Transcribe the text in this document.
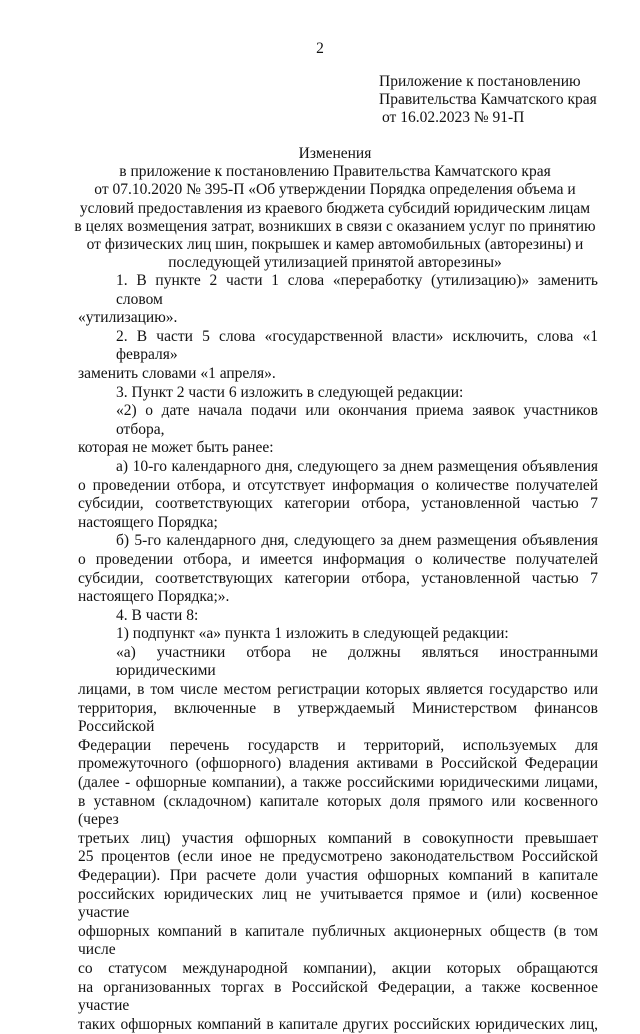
2
Приложение к постановлению
Правительства Камчатского края
от 16.02.2023 № 91-П
Изменения
в приложение к постановлению Правительства Камчатского края
от 07.10.2020 № 395-П «Об утверждении Порядка определения объема и
условий предоставления из краевого бюджета субсидий юридическим лицам
в целях возмещения затрат, возникших в связи с оказанием услуг по принятию
от физических лиц шин, покрышек и камер автомобильных (авторезины) и
последующей утилизацией принятой авторезины»
1. В пункте 2 части 1 слова «переработку (утилизацию)» заменить словом
«утилизацию».
2. В части 5 слова «государственной власти» исключить, слова «1 февраля»
заменить словами «1 апреля».
3. Пункт 2 части 6 изложить в следующей редакции:
«2) о дате начала подачи или окончания приема заявок участников отбора,
которая не может быть ранее:
а) 10-го календарного дня, следующего за днем размещения объявления
о проведении отбора, и отсутствует информация о количестве получателей
субсидии, соответствующих категории отбора, установленной частью 7
настоящего Порядка;
б) 5-го календарного дня, следующего за днем размещения объявления
о проведении отбора, и имеется информация о количестве получателей
субсидии, соответствующих категории отбора, установленной частью 7
настоящего Порядка;».
4. В части 8:
1) подпункт «а» пункта 1 изложить в следующей редакции:
«а) участники отбора не должны являться иностранными юридическими
лицами, в том числе местом регистрации которых является государство или
территория, включенные в утверждаемый Министерством финансов Российской
Федерации перечень государств и территорий, используемых для
промежуточного (офшорного) владения активами в Российской Федерации
(далее - офшорные компании), а также российскими юридическими лицами,
в уставном (складочном) капитале которых доля прямого или косвенного (через
третьих лиц) участия офшорных компаний в совокупности превышает
25 процентов (если иное не предусмотрено законодательством Российской
Федерации). При расчете доли участия офшорных компаний в капитале
российских юридических лиц не учитывается прямое и (или) косвенное участие
офшорных компаний в капитале публичных акционерных обществ (в том числе
со статусом международной компании), акции которых обращаются
на организованных торгах в Российской Федерации, а также косвенное участие
таких офшорных компаний в капитале других российских юридических лиц,
